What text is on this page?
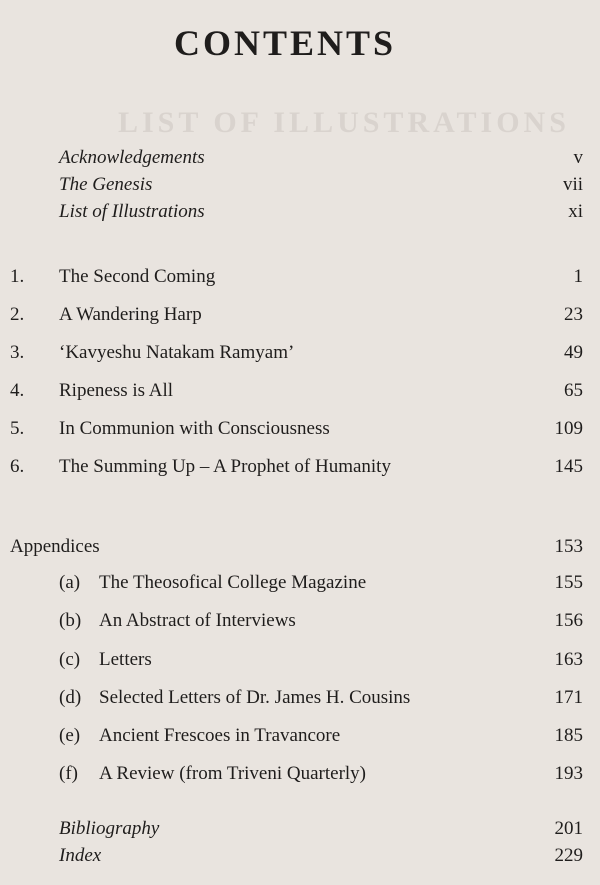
LIST OF ILLUSTRATIONS
CONTENTS
Acknowledgements	v
The Genesis	vii
List of Illustrations	xi
1. The Second Coming	1
2. A Wandering Harp	23
3. ‘Kavyeshu Natakam Ramyam’	49
4. Ripeness is All	65
5. In Communion with Consciousness	109
6. The Summing Up – A Prophet of Humanity	145
Appendices	153
(a) The Theosofical College Magazine	155
(b) An Abstract of Interviews	156
(c) Letters	163
(d) Selected Letters of Dr. James H. Cousins	171
(e) Ancient Frescoes in Travancore	185
(f) A Review (from Triveni Quarterly)	193
Bibliography	201
Index	229
